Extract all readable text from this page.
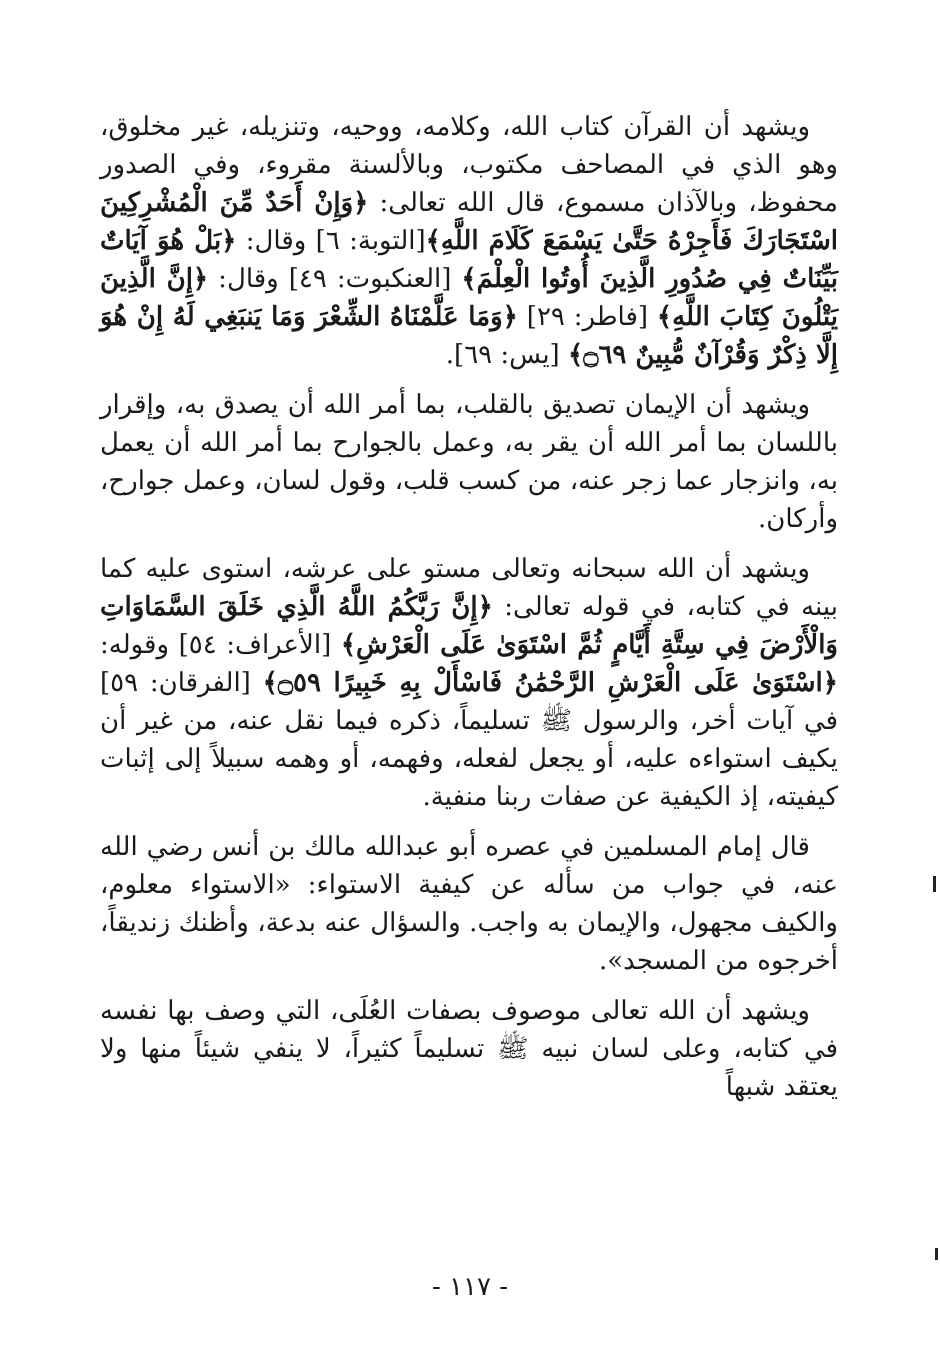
ويشهد أن القرآن كتاب الله، وكلامه، ووحيه، وتنزيله، غير مخلوق، وهو الذي في المصاحف مكتوب، وبالألسنة مقروء، وفي الصدور محفوظ، وبالآذان مسموع، قال الله تعالى: ﴿وَإِنْ أَحَدٌ مِّنَ الْمُشْرِكِينَ اسْتَجَارَكَ فَأَجِرْهُ حَتَّىٰ يَسْمَعَ كَلَامَ اللَّهِ﴾[التوبة: ٦] وقال: ﴿بَلْ هُوَ آيَاتٌ بَيِّنَاتٌ فِي صُدُورِ الَّذِينَ أُوتُوا الْعِلْمَ﴾ [العنكبوت: ٤٩] وقال: ﴿إِنَّ الَّذِينَ يَتْلُونَ كِتَابَ اللَّهِ﴾ [فاطر: ٢٩] ﴿وَمَا عَلَّمْنَاهُ الشِّعْرَ وَمَا يَنبَغِي لَهُ إِنْ هُوَ إِلَّا ذِكْرٌ وَقُرْآنٌ مُّبِينٌ ۝٦٩﴾ [يس: ٦٩].

ويشهد أن الإيمان تصديق بالقلب، بما أمر الله أن يصدق به، وإقرار باللسان بما أمر الله أن يقر به، وعمل بالجوارح بما أمر الله أن يعمل به، وانزجار عما زجر عنه، من كسب قلب، وقول لسان، وعمل جوارح، وأركان.

ويشهد أن الله سبحانه وتعالى مستو على عرشه، استوى عليه كما بينه في كتابه، في قوله تعالى: ﴿إِنَّ رَبَّكُمُ اللَّهُ الَّذِي خَلَقَ السَّمَاوَاتِ وَالْأَرْضَ فِي سِتَّةِ أَيَّامٍ ثُمَّ اسْتَوَىٰ عَلَى الْعَرْشِ﴾ [الأعراف: ٥٤] وقوله: ﴿اسْتَوَىٰ عَلَى الْعَرْشِ الرَّحْمَٰنُ فَاسْأَلْ بِهِ خَبِيرًا ۝٥٩﴾ [الفرقان: ٥٩] في آيات أخر، والرسول ﷺ تسليماً، ذكره فيما نقل عنه، من غير أن يكيف استواءه عليه، أو يجعل لفعله، وفهمه، أو وهمه سبيلاً إلى إثبات كيفيته، إذ الكيفية عن صفات ربنا منفية.

قال إمام المسلمين في عصره أبو عبدالله مالك بن أنس رضي الله عنه، في جواب من سأله عن كيفية الاستواء: «الاستواء معلوم، والكيف مجهول، والإيمان به واجب. والسؤال عنه بدعة، وأظنك زنديقاً، أخرجوه من المسجد».

ويشهد أن الله تعالى موصوف بصفات العُلَى، التي وصف بها نفسه في كتابه، وعلى لسان نبيه ﷺ تسليماً كثيراً، لا ينفي شيئاً منها ولا يعتقد شبهاً

- ١١٧ -
